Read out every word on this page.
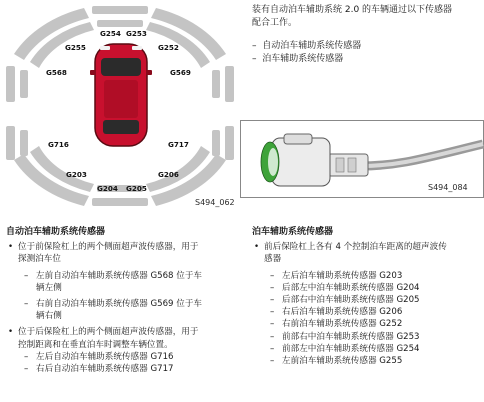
G254 G253
G255	G252
G568	G569
G716	G717
G203	G206
G204 G205
S494_062
S494_084
装有自动泊车辅助系统 2.0 的车辆通过以下传感器
配合工作。
–  自动泊车辅助系统传感器
–  泊车辅助系统传感器
自动泊车辅助系统传感器
• 位于前保险杠上的两个侧面超声波传感器，用于
探测泊车位
– 左前自动泊车辅助系统传感器 G568 位于车
辆左侧
– 右前自动泊车辅助系统传感器 G569 位于车
辆右侧
• 位于后保险杠上的两个侧面超声波传感器，用于
控制距离和在垂直泊车时调整车辆位置。
– 左后自动泊车辅助系统传感器 G716
– 右后自动泊车辅助系统传感器 G717
泊车辅助系统传感器
• 前后保险杠上各有 4 个控制泊车距离的超声波传
感器
– 左后泊车辅助系统传感器 G203
– 后部左中泊车辅助系统传感器 G204
– 后部右中泊车辅助系统传感器 G205
– 右后泊车辅助系统传感器 G206
– 右前泊车辅助系统传感器 G252
– 前部右中泊车辅助系统传感器 G253
– 前部左中泊车辅助系统传感器 G254
– 左前泊车辅助系统传感器 G255
